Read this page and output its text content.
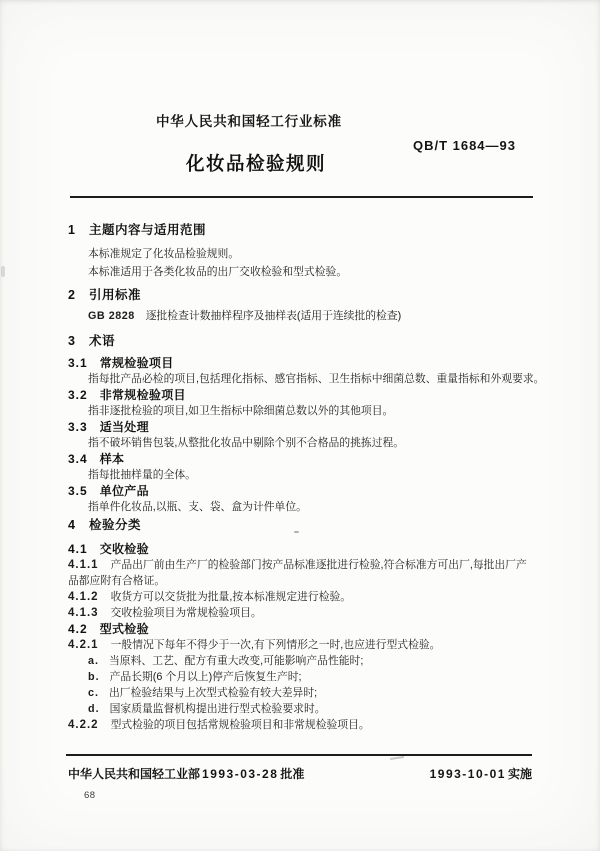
中华人民共和国轻工行业标准
QB/T 1684—93
化妆品检验规则
1 主题内容与适用范围

本标准规定了化妆品检验规则。

本标准适用于各类化妆品的出厂交收检验和型式检验。

2 引用标准

GB 2828 逐批检查计数抽样程序及抽样表(适用于连续批的检查)

3 术语
3.1 常规检验项目

指每批产品必检的项目,包括理化指标、感官指标、卫生指标中细菌总数、重量指标和外观要求。

3.2 非常规检验项目

指非逐批检验的项目,如卫生指标中除细菌总数以外的其他项目。

3.3 适当处理

指不破坏销售包装,从整批化妆品中剔除个别不合格品的挑拣过程。

3.4 样本

指每批抽样量的全体。

3.5 单位产品

指单件化妆品,以瓶、支、袋、盒为计件单位。

4 检验分类
4.1 交收检验
4.1.1 产品出厂前由生产厂的检验部门按产品标准逐批进行检验,符合标准方可出厂,每批出厂产品都应附有合格证。
4.1.2 收货方可以交货批为批量,按本标准规定进行检验。
4.1.3 交收检验项目为常规检验项目。
4.2 型式检验
4.2.1 一般情况下每年不得少于一次,有下列情形之一时,也应进行型式检验。
a. 当原料、工艺、配方有重大改变,可能影响产品性能时;
b. 产品长期(6 个月以上)停产后恢复生产时;
c. 出厂检验结果与上次型式检验有较大差异时;
d. 国家质量监督机构提出进行型式检验要求时。
4.2.2 型式检验的项目包括常规检验项目和非常规检验项目。
中华人民共和国轻工业部 1993-03-28 批准	1993-10-01 实施
68
